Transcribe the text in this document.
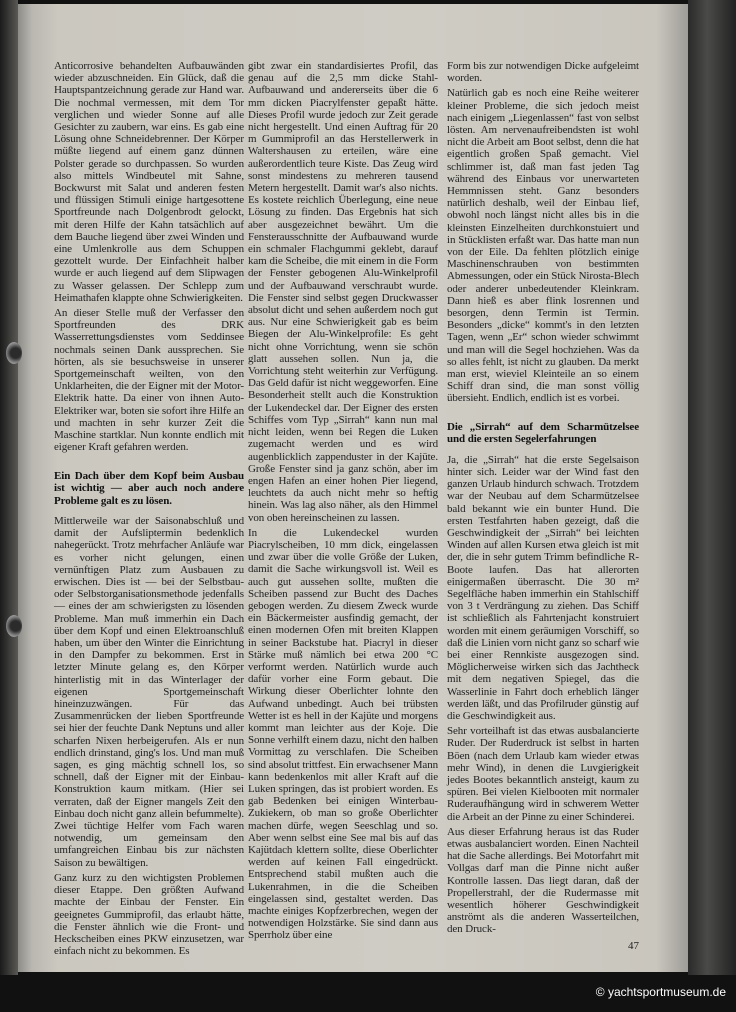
Anticorrosive behandelten Aufbauwänden wieder abzuschneiden. Ein Glück, daß die Hauptspantzeichnung gerade zur Hand war. Die nochmal vermessen, mit dem Tor verglichen und wieder Sonne auf alle Gesichter zu zaubern, war eins. Es gab eine Lösung ohne Schneidebrenner. Der Körper müßte liegend auf einem ganz dünnen Polster gerade so durchpassen. So wurden also mittels Windbeutel mit Sahne, Bockwurst mit Salat und anderen festen und flüssigen Stimuli einige hartgesottene Sportfreunde nach Dolgenbrodt gelockt, mit deren Hilfe der Kahn tatsächlich auf dem Bauche liegend über zwei Winden und eine Umlenkrolle aus dem Schuppen gezottelt wurde. Der Einfachheit halber wurde er auch liegend auf dem Slipwagen zu Wasser gelassen. Der Schlepp zum Heimathafen klappte ohne Schwierigkeiten.

An dieser Stelle muß der Verfasser den Sportfreunden des DRK Wasserrettungsdienstes vom Seddinsee nochmals seinen Dank aussprechen. Sie hörten, als sie besuchsweise in unserer Sportgemeinschaft weilten, von den Unklarheiten, die der Eigner mit der Motor-Elektrik hatte. Da einer von ihnen Auto-Elektriker war, boten sie sofort ihre Hilfe an und machten in sehr kurzer Zeit die Maschine startklar. Nun konnte endlich mit eigener Kraft gefahren werden.

Ein Dach über dem Kopf beim Ausbau ist wichtig — aber auch noch andere Probleme galt es zu lösen.

Mittlerweile war der Saisonabschluß und damit der Aufsliptermin bedenklich nahegerückt. Trotz mehrfacher Anläufe war es vorher nicht gelungen, einen vernünftigen Platz zum Ausbauen zu erwischen. Dies ist — bei der Selbstbau- oder Selbstorganisationsmethode jedenfalls — eines der am schwierigsten zu lösenden Probleme. Man muß immerhin ein Dach über dem Kopf und einen Elektroanschluß haben, um über den Winter die Einrichtung in den Dampfer zu bekommen. Erst in letzter Minute gelang es, den Körper hinterlistig mit in das Winterlager der eigenen Sportgemeinschaft hineinzuzwängen. Für das Zusammenrücken der lieben Sportfreunde sei hier der feuchte Dank Neptuns und aller scharfen Nixen herbeigerufen. Als er nun endlich drinstand, ging's los. Und man muß sagen, es ging mächtig schnell los, so schnell, daß der Eigner mit der Einbau-Konstruktion kaum mitkam. (Hier sei verraten, daß der Eigner mangels Zeit den Einbau doch nicht ganz allein befummelte). Zwei tüchtige Helfer vom Fach waren notwendig, um gemeinsam den umfangreichen Einbau bis zur nächsten Saison zu bewältigen.

Ganz kurz zu den wichtigsten Problemen dieser Etappe. Den größten Aufwand machte der Einbau der Fenster. Ein geeignetes Gummiprofil, das erlaubt hätte, die Fenster ähnlich wie die Front- und Heckscheiben eines PKW einzusetzen, war einfach nicht zu bekommen. Es

gibt zwar ein standardisiertes Profil, das genau auf die 2,5 mm dicke Stahl-Aufbauwand und andererseits über die 6 mm dicken Piacrylfenster gepaßt hätte. Dieses Profil wurde jedoch zur Zeit gerade nicht hergestellt. Und einen Auftrag für 20 m Gummiprofil an das Herstellerwerk in Waltershausen zu erteilen, wäre eine außerordentlich teure Kiste. Das Zeug wird sonst mindestens zu mehreren tausend Metern hergestellt. Damit war's also nichts. Es kostete reichlich Überlegung, eine neue Lösung zu finden. Das Ergebnis hat sich aber ausgezeichnet bewährt. Um die Fensterausschnitte der Aufbauwand wurde ein schmaler Flachgummi geklebt, darauf kam die Scheibe, die mit einem in die Form der Fenster gebogenen Alu-Winkelprofil und der Aufbauwand verschraubt wurde. Die Fenster sind selbst gegen Druckwasser absolut dicht und sehen außerdem noch gut aus. Nur eine Schwierigkeit gab es beim Biegen der Alu-Winkelprofile: Es geht nicht ohne Vorrichtung, wenn sie schön glatt aussehen sollen. Nun ja, die Vorrichtung steht weiterhin zur Verfügung. Das Geld dafür ist nicht weggeworfen. Eine Besonderheit stellt auch die Konstruktion der Lukendeckel dar. Der Eigner des ersten Schiffes vom Typ „Sirrah“ kann nun mal nicht leiden, wenn bei Regen die Luken zugemacht werden und es wird augenblicklich zappenduster in der Kajüte. Große Fenster sind ja ganz schön, aber im engen Hafen an einer hohen Pier liegend, leuchtets da auch nicht mehr so heftig hinein. Was lag also näher, als den Himmel von oben hereinscheinen zu lassen.

In die Lukendeckel wurden Piacrylscheiben, 10 mm dick, eingelassen und zwar über die volle Größe der Luken, damit die Sache wirkungsvoll ist. Weil es auch gut aussehen sollte, mußten die Scheiben passend zur Bucht des Daches gebogen werden. Zu diesem Zweck wurde ein Bäckermeister ausfindig gemacht, der einen modernen Ofen mit breiten Klappen in seiner Backstube hat. Piacryl in dieser Stärke muß nämlich bei etwa 200 °C verformt werden. Natürlich wurde auch dafür vorher eine Form gebaut. Die Wirkung dieser Oberlichter lohnte den Aufwand unbedingt. Auch bei trübsten Wetter ist es hell in der Kajüte und morgens kommt man leichter aus der Koje. Die Sonne verhilft einem dazu, nicht den halben Vormittag zu verschlafen. Die Scheiben sind absolut trittfest. Ein erwachsener Mann kann bedenkenlos mit aller Kraft auf die Luken springen, das ist probiert worden. Es gab Bedenken bei einigen Winterbau-Zukiekern, ob man so große Oberlichter machen dürfe, wegen Seeschlag und so. Aber wenn selbst eine See mal bis auf das Kajütdach klettern sollte, diese Oberlichter werden auf keinen Fall eingedrückt. Entsprechend stabil mußten auch die Lukenrahmen, in die die Scheiben eingelassen sind, gestaltet werden. Das machte einiges Kopfzerbrechen, wegen der notwendigen Holzstärke. Sie sind dann aus Sperrholz über eine

Form bis zur notwendigen Dicke aufgeleimt worden.

Natürlich gab es noch eine Reihe weiterer kleiner Probleme, die sich jedoch meist nach einigem „Liegenlassen“ fast von selbst lösten. Am nervenaufreibendsten ist wohl nicht die Arbeit am Boot selbst, denn die hat eigentlich großen Spaß gemacht. Viel schlimmer ist, daß man fast jeden Tag während des Einbaus vor unerwarteten Hemmnissen steht. Ganz besonders natürlich deshalb, weil der Einbau lief, obwohl noch längst nicht alles bis in die kleinsten Einzelheiten durchkonstuiert und in Stücklisten erfaßt war. Das hatte man nun von der Eile. Da fehlten plötzlich einige Maschinenschrauben von bestimmten Abmessungen, oder ein Stück Nirosta-Blech oder anderer unbedeutender Kleinkram. Dann hieß es aber flink losrennen und besorgen, denn Termin ist Termin. Besonders „dicke“ kommt's in den letzten Tagen, wenn „Er“ schon wieder schwimmt und man will die Segel hochziehen. Was da so alles fehlt, ist nicht zu glauben. Da merkt man erst, wieviel Kleinteile an so einem Schiff dran sind, die man sonst völlig übersieht. Endlich, endlich ist es vorbei.

Die „Sirrah“ auf dem Scharmützelsee und die ersten Segelerfahrungen

Ja, die „Sirrah“ hat die erste Segelsaison hinter sich. Leider war der Wind fast den ganzen Urlaub hindurch schwach. Trotzdem war der Neubau auf dem Scharmützelsee bald bekannt wie ein bunter Hund. Die ersten Testfahrten haben gezeigt, daß die Geschwindigkeit der „Sirrah“ bei leichten Winden auf allen Kursen etwa gleich ist mit der, die in sehr gutem Trimm befindliche R-Boote laufen. Das hat allerorten einigermaßen überrascht. Die 30 m² Segelfläche haben immerhin ein Stahlschiff von 3 t Verdrängung zu ziehen. Das Schiff ist schließlich als Fahrtenjacht konstruiert worden mit einem geräumigen Vorschiff, so daß die Linien vorn nicht ganz so scharf wie bei einer Rennkiste ausgezogen sind. Möglicherweise wirken sich das Jachtheck mit dem negativen Spiegel, das die Wasserlinie in Fahrt doch erheblich länger werden läßt, und das Profilruder günstig auf die Geschwindigkeit aus.

Sehr vorteilhaft ist das etwas ausbalancierte Ruder. Der Ruderdruck ist selbst in harten Böen (nach dem Urlaub kam wieder etwas mehr Wind), in denen die Luvgierigkeit jedes Bootes bekanntlich ansteigt, kaum zu spüren. Bei vielen Kielbooten mit normaler Ruderaufhängung wird in schwerem Wetter die Arbeit an der Pinne zu einer Schinderei.

Aus dieser Erfahrung heraus ist das Ruder etwas ausbalanciert worden. Einen Nachteil hat die Sache allerdings. Bei Motorfahrt mit Vollgas darf man die Pinne nicht außer Kontrolle lassen. Das liegt daran, daß der Propellerstrahl, der die Rudermasse mit wesentlich höherer Geschwindigkeit anströmt als die anderen Wasserteilchen, den Druck-

47
© yachtsportmuseum.de
